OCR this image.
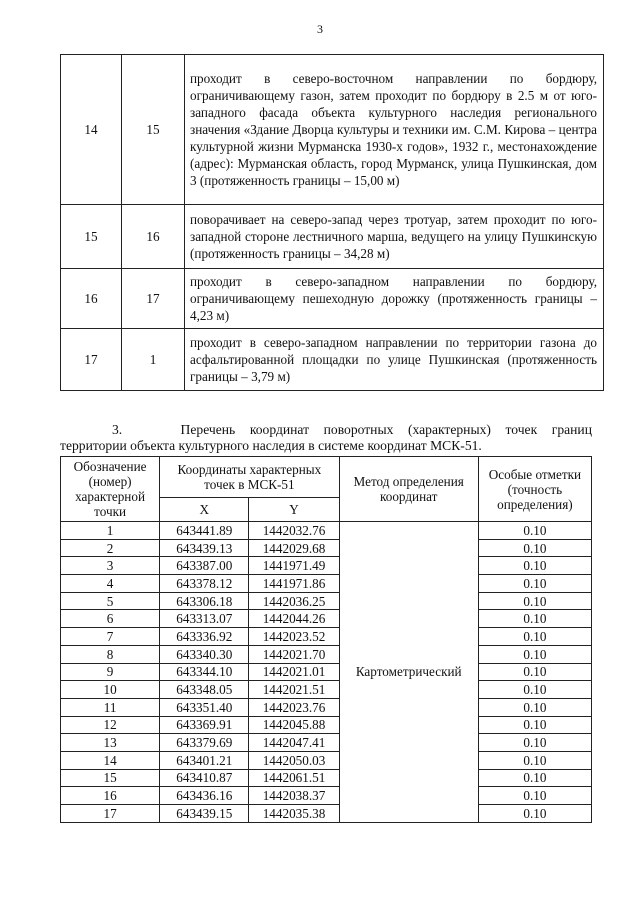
3
14	15	проходит в северо-восточном направлении по бордюру, ограничивающему газон, затем проходит по бордюру в 2.5 м от юго-западного фасада объекта культурного наследия регионального значения «Здание Дворца культуры и техники им. С.М. Кирова – центра культурной жизни Мурманска 1930-х годов», 1932 г., местонахождение (адрес): Мурманская область, город Мурманск, улица Пушкинская, дом 3 (протяженность границы – 15,00 м)
15	16	поворачивает на северо-запад через тротуар, затем проходит по юго-западной стороне лестничного марша, ведущего на улицу Пушкинскую (протяженность границы – 34,28 м)
16	17	проходит в северо-западном направлении по бордюру, ограничивающему пешеходную дорожку (протяженность границы – 4,23 м)
17	1	проходит в северо-западном направлении по территории газона до асфальтированной площадки по улице Пушкинская (протяженность границы – 3,79 м)
3.    Перечень координат поворотных (характерных) точек границ
территории объекта культурного наследия в системе координат МСК-51.
Обозначение (номер) характерной точки	Координаты характерных точек в МСК-51		Метод определения координат	Особые отметки (точность определения)
	X	Y		
1	643441.89	1442032.76	Картометрический	0.10
2	643439.13	1442029.68		0.10
3	643387.00	1441971.49		0.10
4	643378.12	1441971.86		0.10
5	643306.18	1442036.25		0.10
6	643313.07	1442044.26		0.10
7	643336.92	1442023.52		0.10
8	643340.30	1442021.70		0.10
9	643344.10	1442021.01		0.10
10	643348.05	1442021.51		0.10
11	643351.40	1442023.76		0.10
12	643369.91	1442045.88		0.10
13	643379.69	1442047.41		0.10
14	643401.21	1442050.03		0.10
15	643410.87	1442061.51		0.10
16	643436.16	1442038.37		0.10
17	643439.15	1442035.38		0.10
